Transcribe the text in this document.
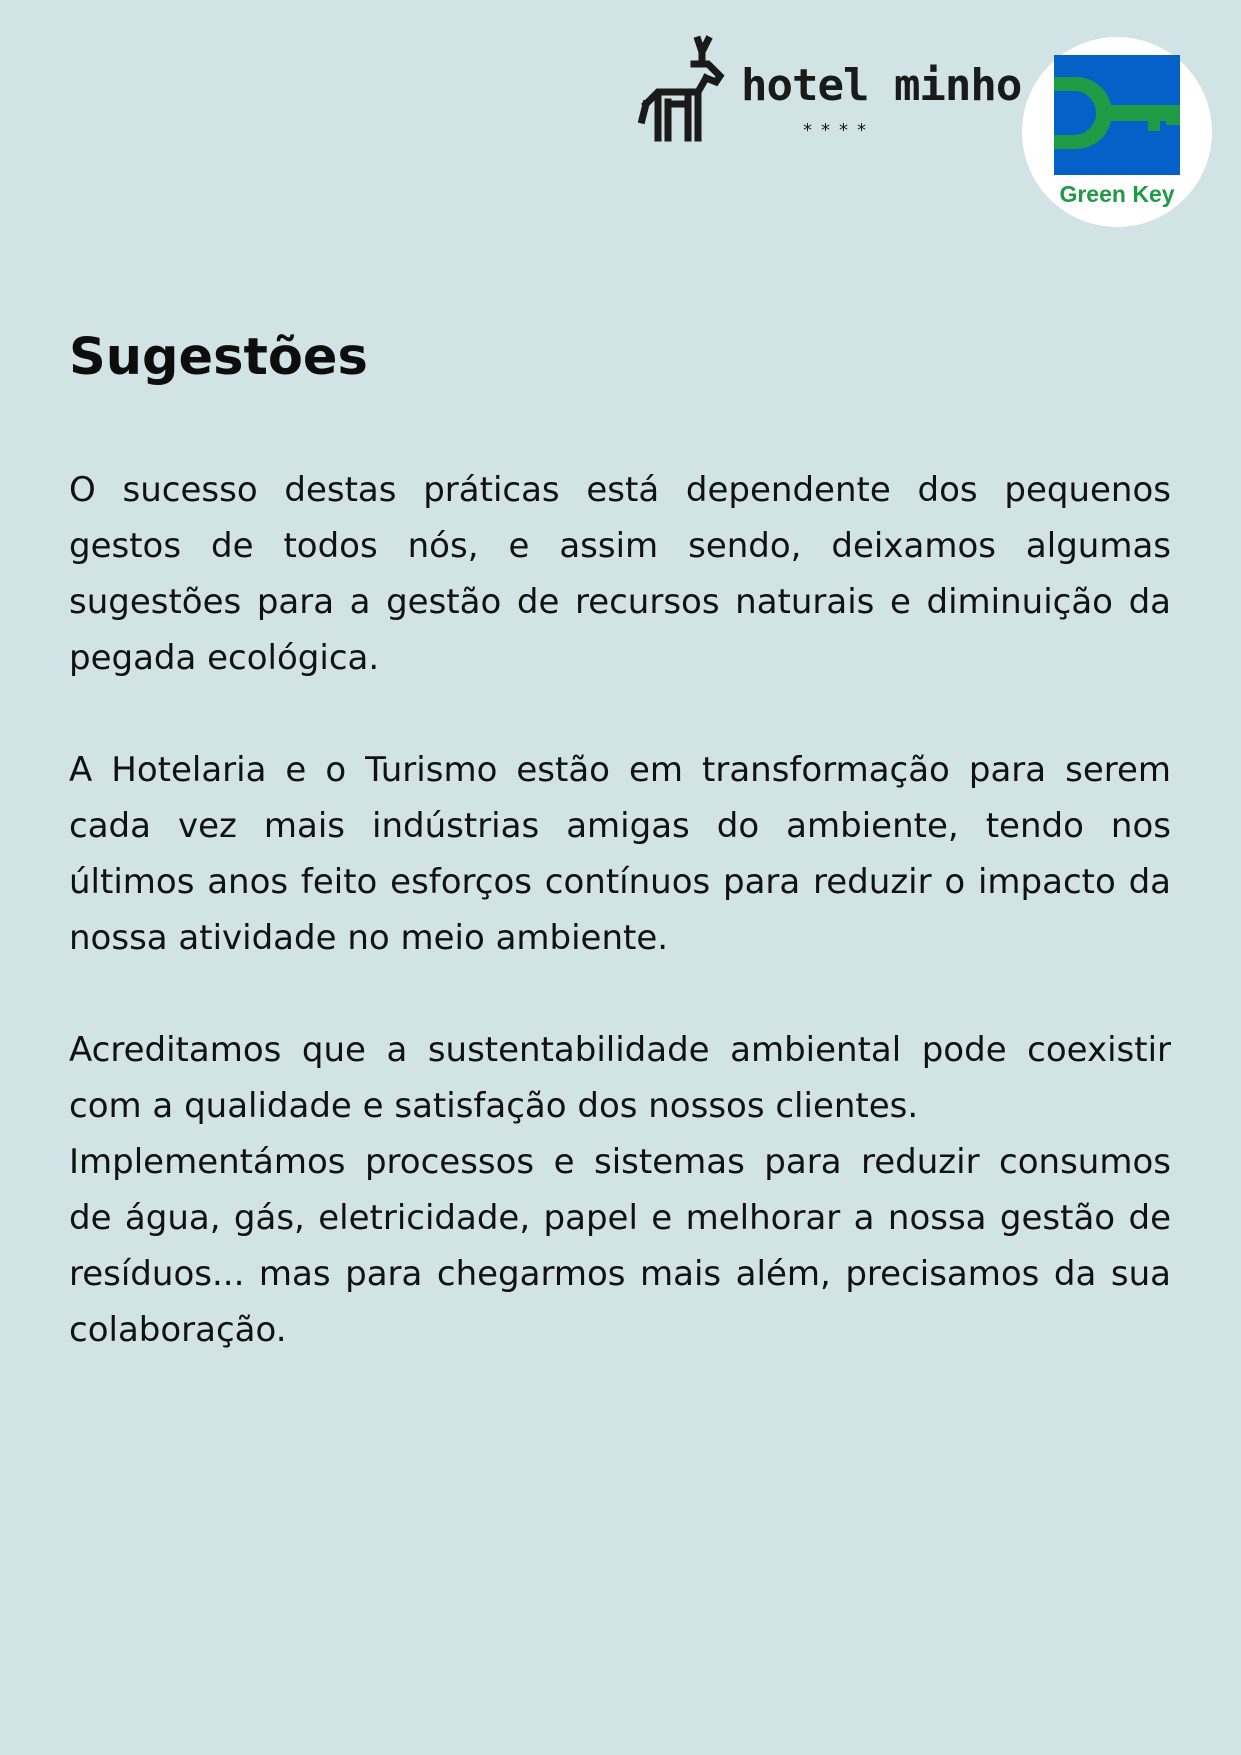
hotel minho
****
Green Key
Sugestões

O sucesso destas práticas está dependente dos pequenos gestos de todos nós, e assim sendo, deixamos algumas sugestões para a gestão de recursos naturais e diminuição da pegada ecológica.

A Hotelaria e o Turismo estão em transformação para serem cada vez mais indústrias amigas do ambiente, tendo nos últimos anos feito esforços contínuos para reduzir o impacto da nossa atividade no meio ambiente.

Acreditamos que a sustentabilidade ambiental pode coexistir com a qualidade e satisfação dos nossos clientes.

Implementámos processos e sistemas para reduzir consumos de água, gás, eletricidade, papel e melhorar a nossa gestão de resíduos... mas para chegarmos mais além, precisamos da sua colaboração.
